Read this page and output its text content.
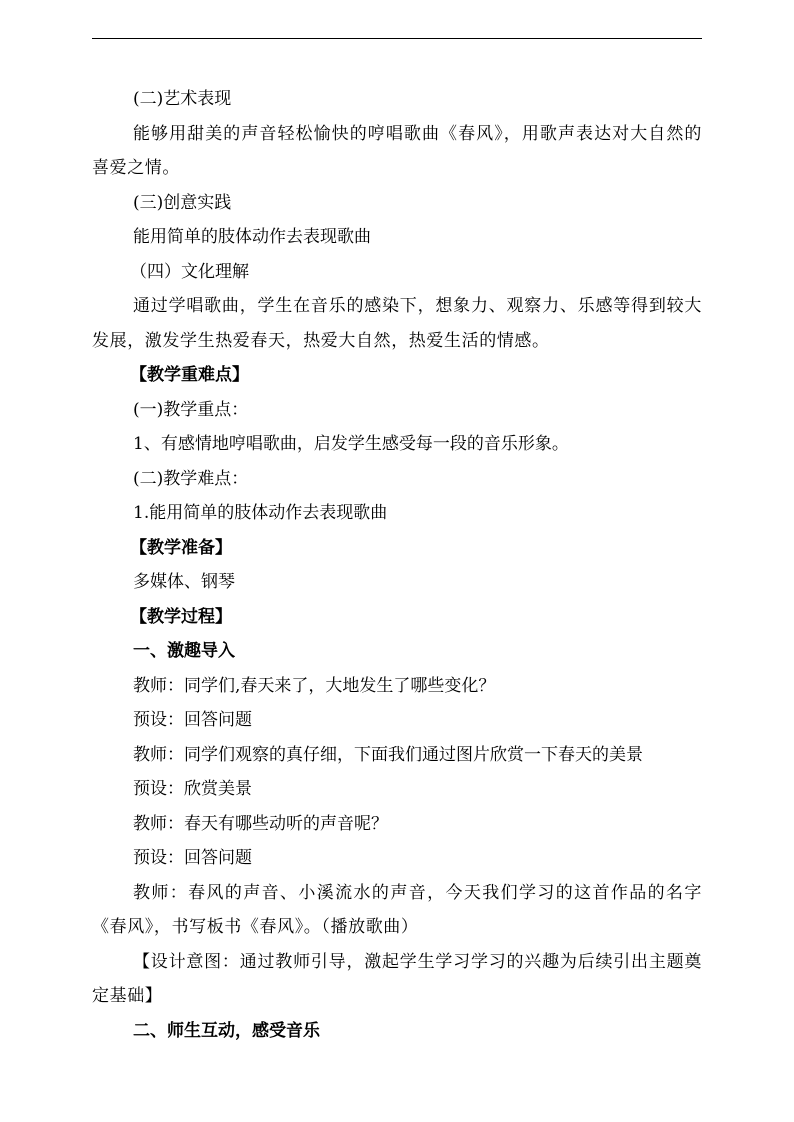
(二)艺术表现

能够用甜美的声音轻松愉快的哼唱歌曲《春风》，用歌声表达对大自然的喜爱之情。

(三)创意实践

能用简单的肢体动作去表现歌曲

（四）文化理解

通过学唱歌曲，学生在音乐的感染下，想象力、观察力、乐感等得到较大发展，激发学生热爱春天，热爱大自然，热爱生活的情感。

【教学重难点】

(一)教学重点：

1、有感情地哼唱歌曲，启发学生感受每一段的音乐形象。

(二)教学难点：

1.能用简单的肢体动作去表现歌曲

【教学准备】

多媒体、钢琴

【教学过程】

一、激趣导入

教师：同学们,春天来了，大地发生了哪些变化？

预设：回答问题

教师：同学们观察的真仔细，下面我们通过图片欣赏一下春天的美景

预设：欣赏美景

教师：春天有哪些动听的声音呢？

预设：回答问题

教师：春风的声音、小溪流水的声音，今天我们学习的这首作品的名字《春风》，书写板书《春风》。（播放歌曲）

【设计意图：通过教师引导，激起学生学习学习的兴趣为后续引出主题奠定基础】

二、师生互动，感受音乐
